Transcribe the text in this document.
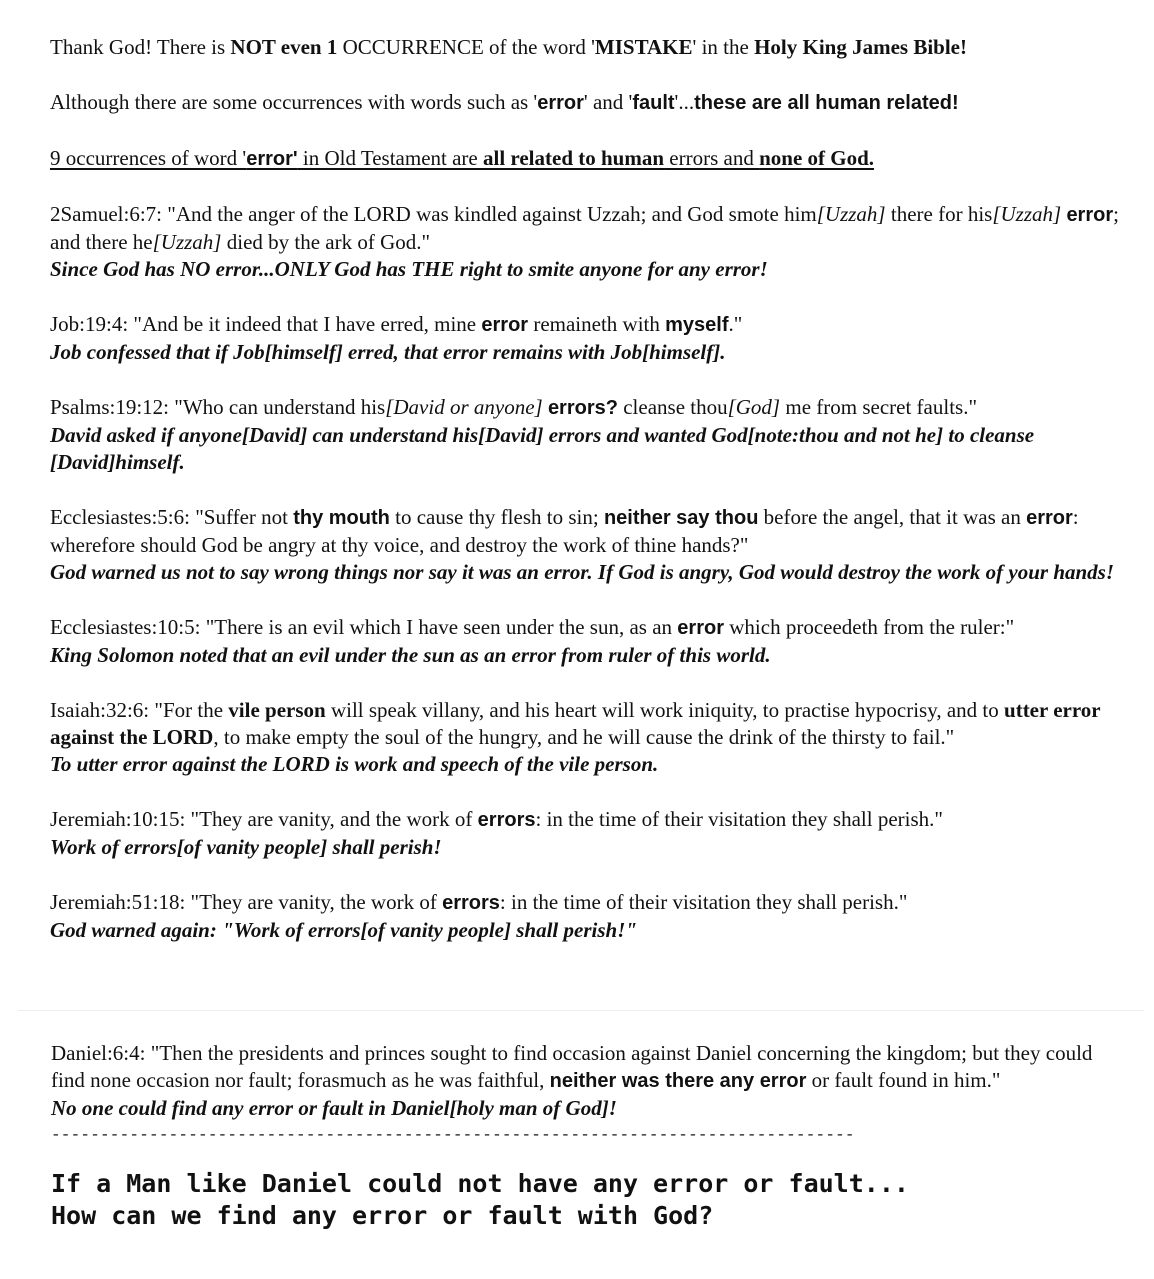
Thank God! There is NOT even 1 OCCURRENCE of the word 'MISTAKE' in the Holy King James Bible!

Although there are some occurrences with words such as 'error' and 'fault'...these are all human related!

9 occurrences of word 'error' in Old Testament are all related to human errors and none of God.

2Samuel:6:7: "And the anger of the LORD was kindled against Uzzah; and God smote him[Uzzah] there for his[Uzzah] error; and there he[Uzzah] died by the ark of God."

Since God has NO error...ONLY God has THE right to smite anyone for any error!

Job:19:4: "And be it indeed that I have erred, mine error remaineth with myself."

Job confessed that if Job[himself] erred, that error remains with Job[himself].

Psalms:19:12: "Who can understand his[David or anyone] errors? cleanse thou[God] me from secret faults."

David asked if anyone[David] can understand his[David] errors and wanted God[note:thou and not he] to cleanse [David]himself.

Ecclesiastes:5:6: "Suffer not thy mouth to cause thy flesh to sin; neither say thou before the angel, that it was an error: wherefore should God be angry at thy voice, and destroy the work of thine hands?"

God warned us not to say wrong things nor say it was an error. If God is angry, God would destroy the work of your hands!

Ecclesiastes:10:5: "There is an evil which I have seen under the sun, as an error which proceedeth from the ruler:"

King Solomon noted that an evil under the sun as an error from ruler of this world.

Isaiah:32:6: "For the vile person will speak villany, and his heart will work iniquity, to practise hypocrisy, and to utter error against the LORD, to make empty the soul of the hungry, and he will cause the drink of the thirsty to fail."

To utter error against the LORD is work and speech of the vile person.

Jeremiah:10:15: "They are vanity, and the work of errors: in the time of their visitation they shall perish."

Work of errors[of vanity people] shall perish!

Jeremiah:51:18: "They are vanity, the work of errors: in the time of their visitation they shall perish."

God warned again: "Work of errors[of vanity people] shall perish!"

Daniel:6:4: "Then the presidents and princes sought to find occasion against Daniel concerning the kingdom; but they could find none occasion nor fault; forasmuch as he was faithful, neither was there any error or fault found in him."

No one could find any error or fault in Daniel[holy man of God]!

----------------------------------------------------------------------------------
If a Man like Daniel could not have any error or fault...
How can we find any error or fault with God?
